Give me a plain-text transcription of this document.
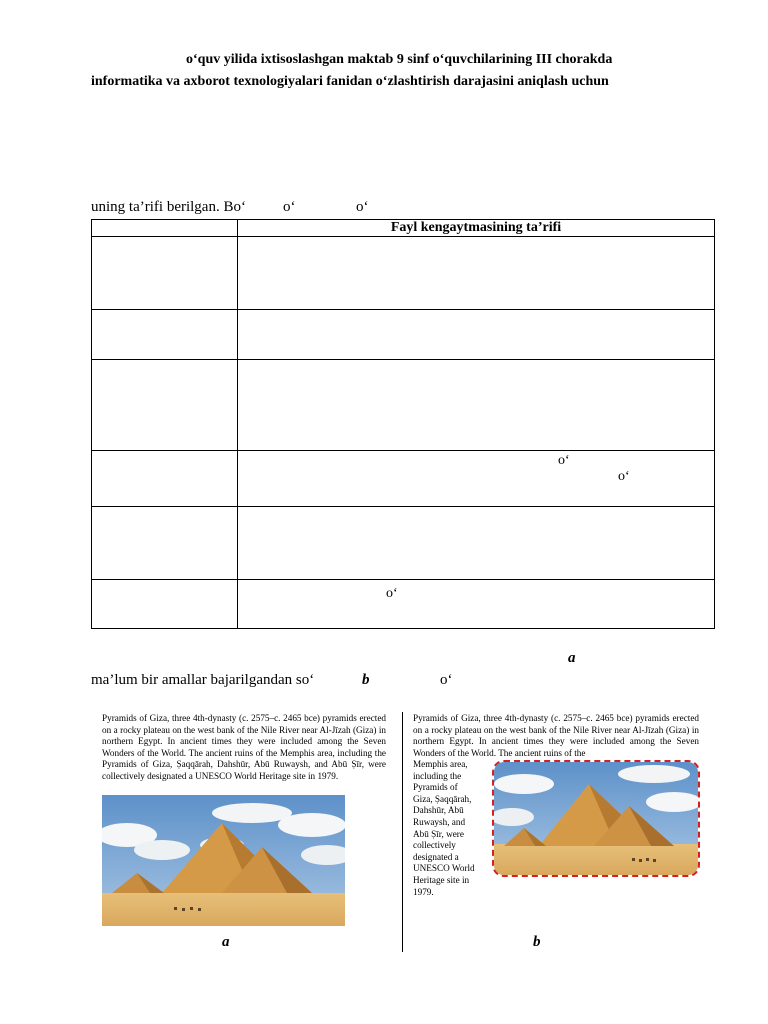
o‘quv yilida ixtisoslashgan maktab 9 sinf o‘quvchilarining III chorakda
informatika va axborot texnologiyalari fanidan o‘zlashtirish darajasini aniqlash uchun
uning ta’rifi berilgan. Bo‘ o‘	o‘
	Fayl kengaytmasining ta’rifi

	o‘
o‘

	o‘
a
ma’lum bir amallar bajarilgandan so‘	b	o‘
Pyramids of Giza, three 4th-dynasty (c. 2575–c. 2465 bce) pyramids erected on a rocky plateau on the west bank of the Nile River near Al-Jīzah (Giza) in northern Egypt. In ancient times they were included among the Seven Wonders of the World. The ancient ruins of the Memphis area, including the Pyramids of Giza, Ṣaqqārah, Dahshūr, Abū Ruwaysh, and Abū Ṣīr, were collectively designated a UNESCO World Heritage site in 1979.
Pyramids of Giza, three 4th-dynasty (c. 2575–c. 2465 bce) pyramids erected on a rocky plateau on the west bank of the Nile River near Al-Jīzah (Giza) in northern Egypt. In ancient times they were included among the Seven Wonders of the World. The ancient ruins of the
Memphis area,
including the
Pyramids of
Giza, Ṣaqqārah,
Dahshūr, Abū
Ruwaysh, and
Abū Ṣīr, were
collectively
designated a
UNESCO World
Heritage site in
1979.
a	b
